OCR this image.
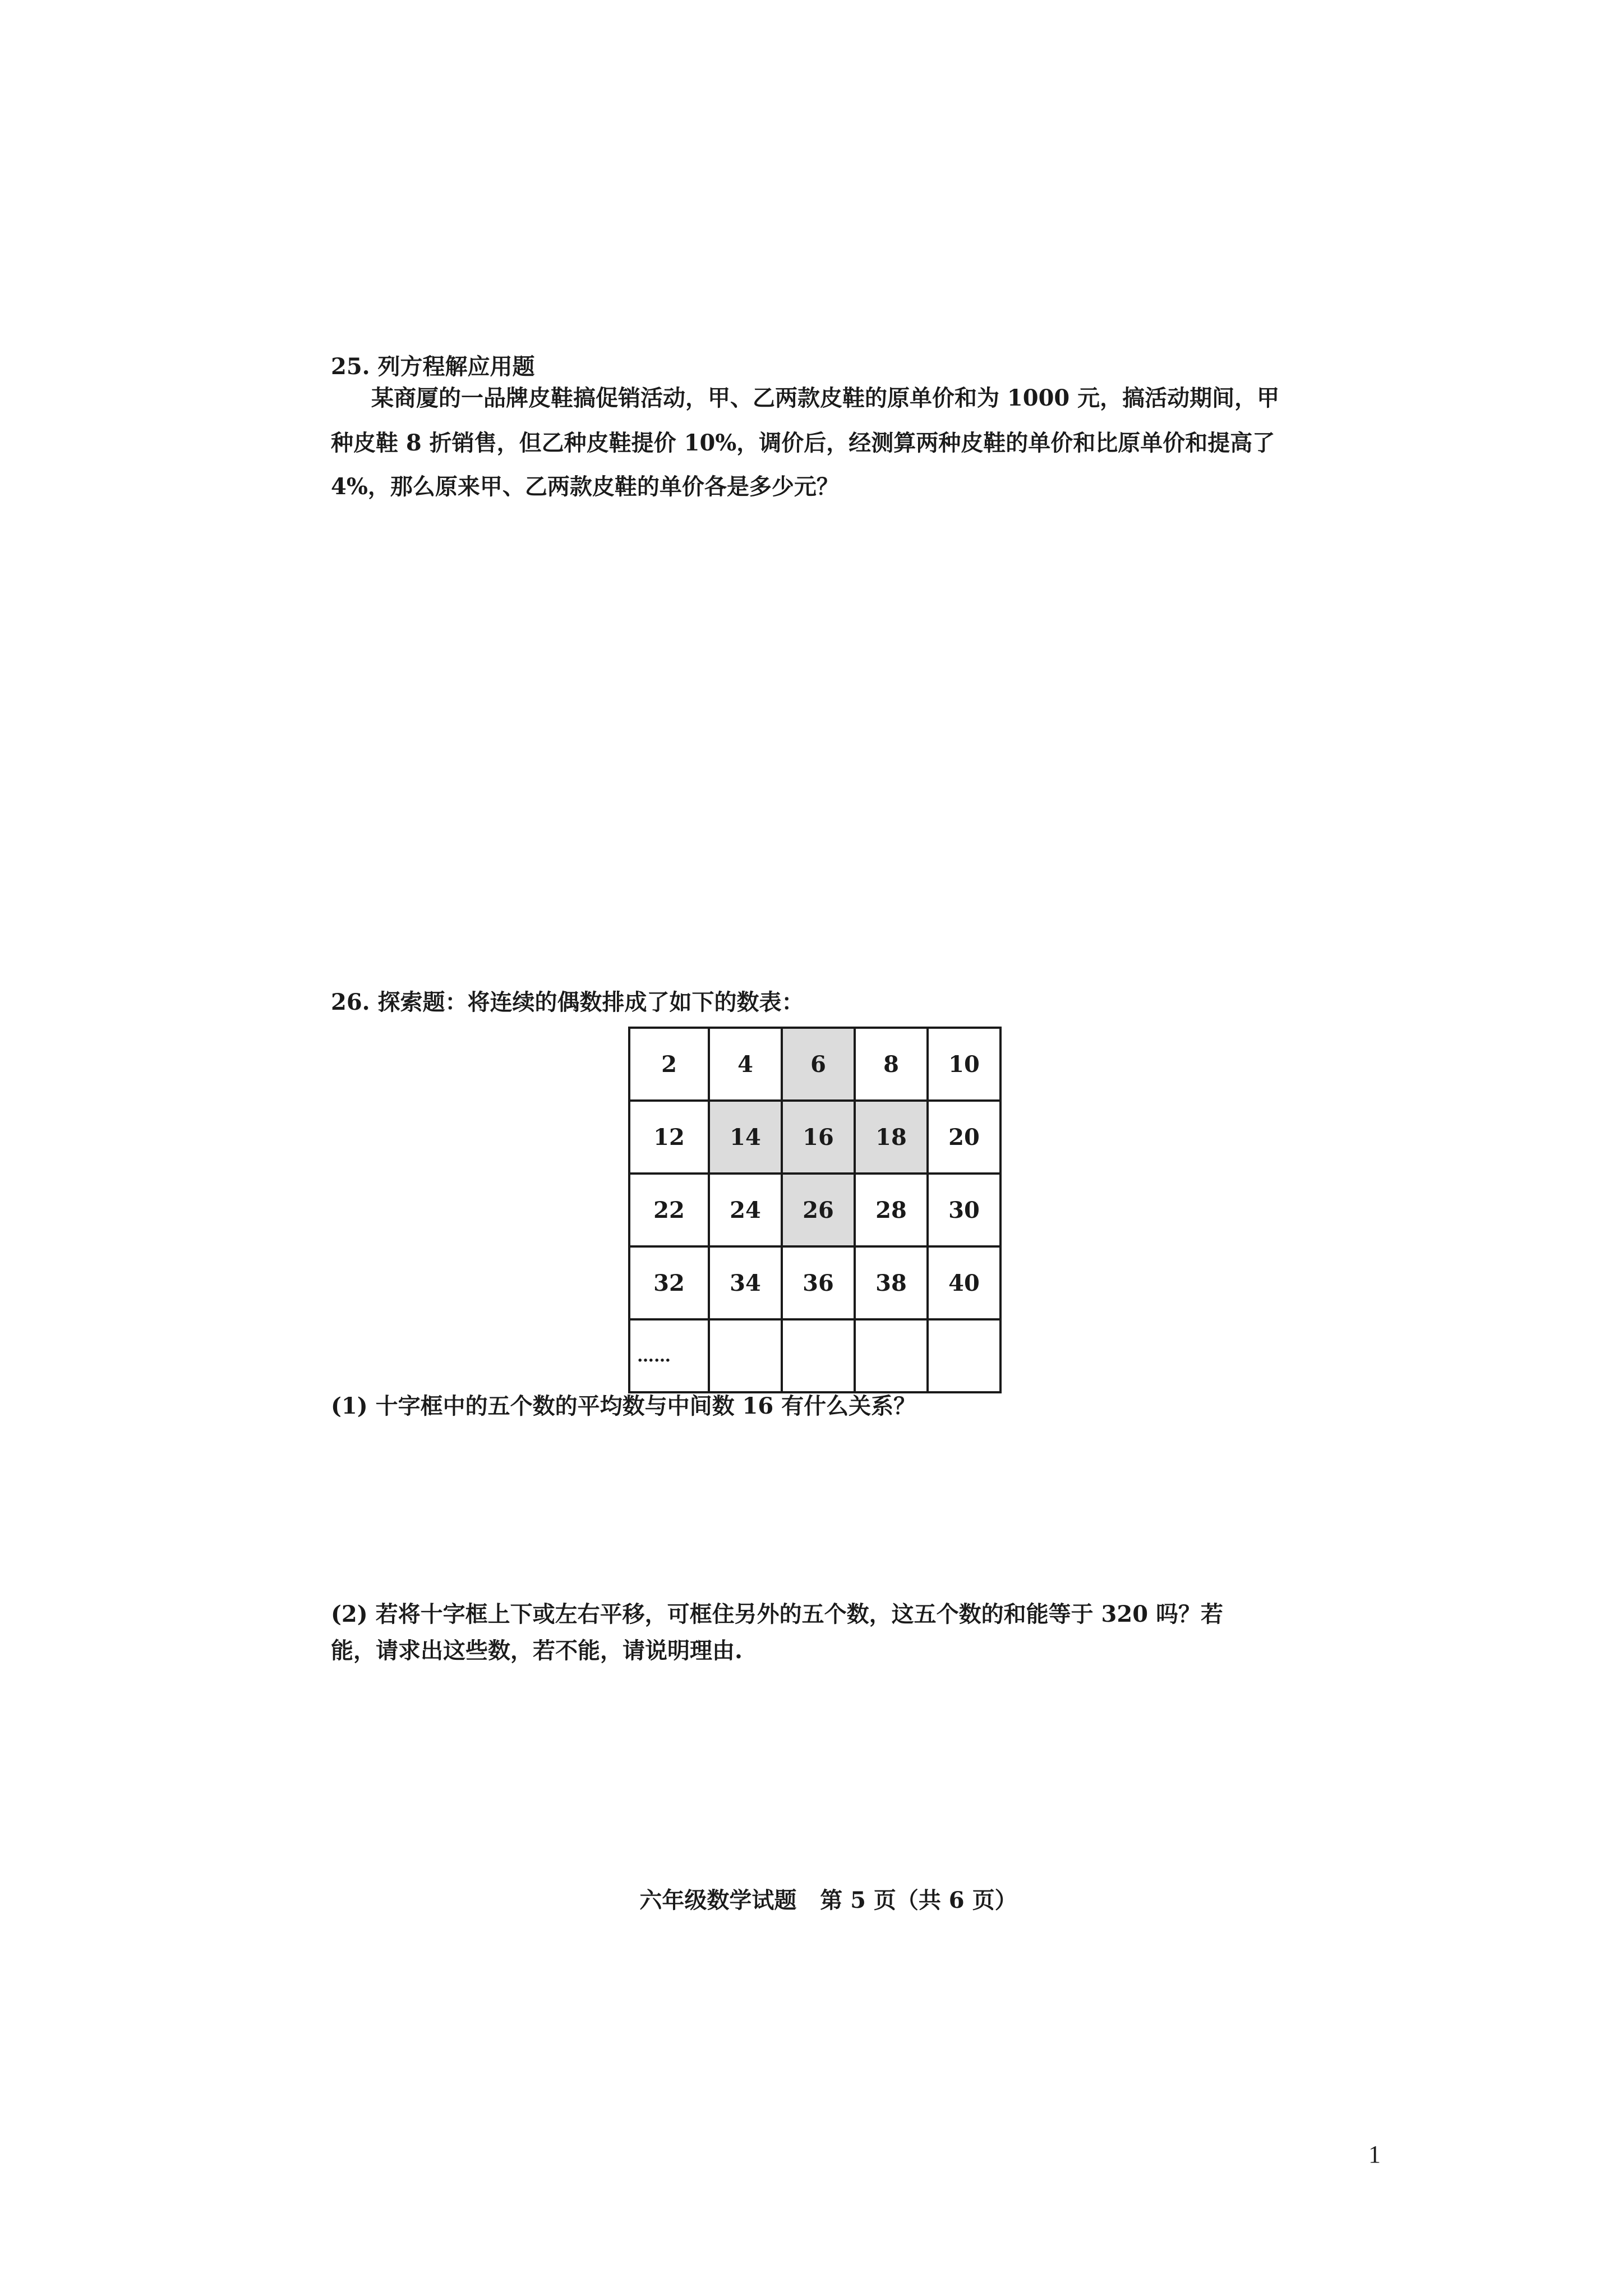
25. 列方程解应用题
某商厦的一品牌皮鞋搞促销活动，甲、乙两款皮鞋的原单价和为 1000 元，搞活动期间，甲
种皮鞋 8 折销售，但乙种皮鞋提价 10%，调价后，经测算两种皮鞋的单价和比原单价和提高了
4%，那么原来甲、乙两款皮鞋的单价各是多少元？
26. 探索题：将连续的偶数排成了如下的数表：
2	4	6	8	10
12	14	16	18	20
22	24	26	28	30
32	34	36	38	40
……				
(1) 十字框中的五个数的平均数与中间数 16 有什么关系？
(2) 若将十字框上下或左右平移，可框住另外的五个数，这五个数的和能等于 320 吗？若
能，请求出这些数，若不能，请说明理由.
六年级数学试题 第 5 页（共 6 页）
1
